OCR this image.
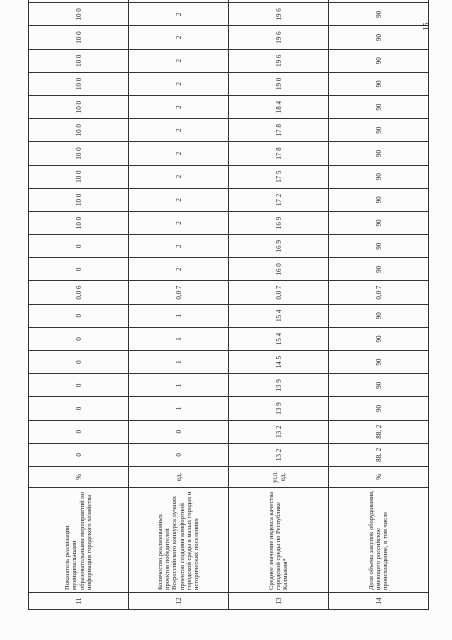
11	Показатель реализации муниципальными образовательными мероприятий по информации городского хозяйства	%	0	0	0	0	0	0	0	0,0 6	0	0	10 0	10 0	10 0	10 0	10 0	10 0	10 0	10 0	10 0	10 0	
12	Количество реализованных проектов победителей Всероссийского конкурса лучших проектов создания комфортной городской среды в малых городах и исторических поселениях	ед.	0	0	1	1	1	1	1	0,0 7	2	2	2	2	2	2	2	2	2	2	2	2	
13	Среднее значение индекса качества городской среды по Республике Калмыкия*	усл. ед.	13 2	13 2	13 9	13 9	14 5	15 4	15 4	0,0 7	16 0	16 9	16 9	17 2	17 5	17 8	17 8	18 4	19 0	19 6	19 6	19 6	
14	Доля объема закупок оборудования, имеющего российское происхождение, в том числе	%	88, 2	88, 2	90	90	90	90	90	0,0 7	90	90	90	90	90	90	90	90	90	90	90	90	
15
